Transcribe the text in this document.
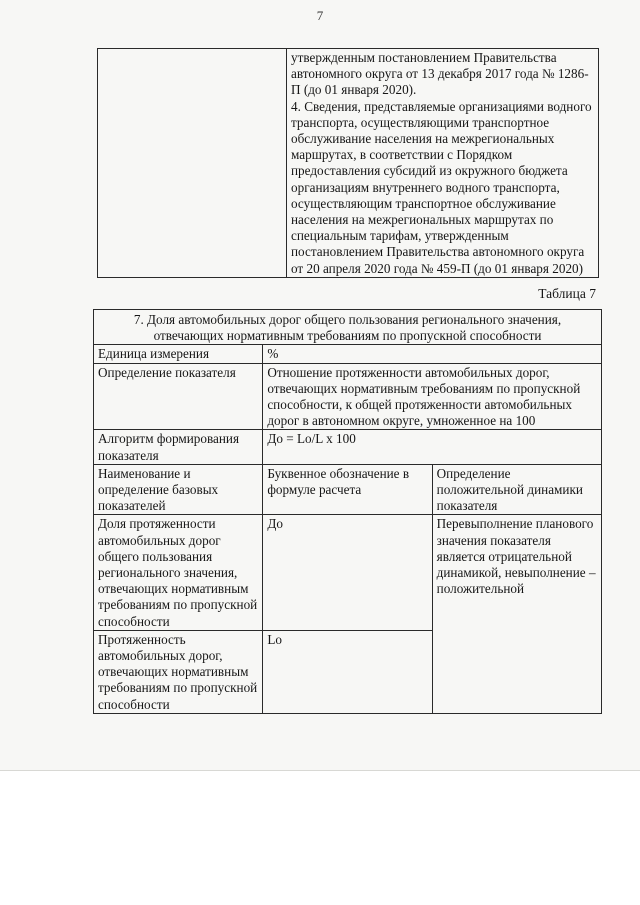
7

утвержденным постановлением Правительства автономного округа от 13 декабря 2017 года № 1286-П (до 01 января 2020).
4. Сведения, представляемые организациями водного транспорта, осуществляющими транспортное обслуживание населения на межрегиональных маршрутах, в соответствии с Порядком предоставления субсидий из окружного бюджета организациям внутреннего водного транспорта, осуществляющим транспортное обслуживание населения на межрегиональных маршрутах по специальным тарифам, утвержденным постановлением Правительства автономного округа от 20 апреля 2020 года № 459-П (до 01 января 2020)
Таблица 7
7. Доля автомобильных дорог общего пользования регионального значения, отвечающих нормативным требованиям по пропускной способности		
Единица измерения	%	
Определение показателя	Отношение протяженности автомобильных дорог, отвечающих нормативным требованиям по пропускной способности, к общей протяженности автомобильных дорог в автономном округе, умноженное на 100	
Алгоритм формирования показателя	До = Lо/L x 100	
Наименование и определение базовых показателей	Буквенное обозначение в формуле расчета	Определение положительной динамики показателя
Доля протяженности автомобильных дорог общего пользования регионального значения, отвечающих нормативным требованиям по пропускной способности	До	Перевыполнение планового значения показателя является отрицательной динамикой, невыполнение – положительной
Протяженность автомобильных дорог, отвечающих нормативным требованиям по пропускной способности	Lо	
